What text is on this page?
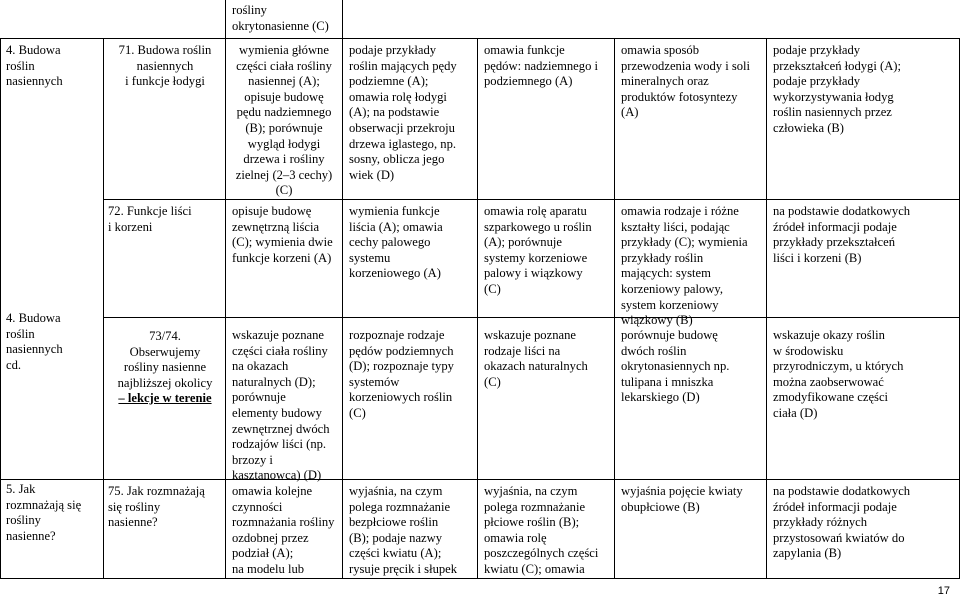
rośliny
okrytonasienne (C)
4. Budowa
roślin
nasiennych
4. Budowa
roślin
nasiennych
cd.
5. Jak
rozmnażają się
rośliny
nasienne?
71. Budowa roślin
nasiennych
i funkcje łodygi
72. Funkcje liści
i korzeni
73/74.
Obserwujemy
rośliny nasienne
najbliższej okolicy
– lekcje w terenie
75. Jak rozmnażają
się rośliny
nasienne?
wymienia główne
części ciała rośliny
nasiennej (A);
opisuje budowę
pędu nadziemnego
(B); porównuje
wygląd łodygi
drzewa i rośliny
zielnej (2–3 cechy)
(C)
podaje przykłady
roślin mających pędy
podziemne (A);
omawia rolę łodygi
(A); na podstawie
obserwacji przekroju
drzewa iglastego, np.
sosny, oblicza jego
wiek (D)
omawia funkcje
pędów: nadziemnego i
podziemnego (A)
omawia sposób
przewodzenia wody i soli
mineralnych oraz
produktów fotosyntezy
(A)
podaje przykłady
przekształceń łodygi (A);
podaje przykłady
wykorzystywania łodyg
roślin nasiennych przez
człowieka (B)
opisuje budowę
zewnętrzną liścia
(C); wymienia dwie
funkcje korzeni (A)
wymienia funkcje
liścia (A); omawia
cechy palowego
systemu
korzeniowego (A)
omawia rolę aparatu
szparkowego u roślin
(A); porównuje
systemy korzeniowe
palowy i wiązkowy
(C)
omawia rodzaje i różne
kształty liści, podając
przykłady (C); wymienia
przykłady roślin
mających: system
korzeniowy palowy,
system korzeniowy
wiązkowy (B)
na podstawie dodatkowych
źródeł informacji podaje
przykłady przekształceń
liści i korzeni (B)
wskazuje poznane
części ciała rośliny
na okazach
naturalnych (D);
porównuje
elementy budowy
zewnętrznej dwóch
rodzajów liści (np.
brzozy i
kasztanowca) (D)
rozpoznaje rodzaje
pędów podziemnych
(D); rozpoznaje typy
systemów
korzeniowych roślin
(C)
wskazuje poznane
rodzaje liści na
okazach naturalnych
(C)
porównuje budowę
dwóch roślin
okrytonasiennych np.
tulipana i mniszka
lekarskiego (D)
wskazuje okazy roślin
w środowisku
przyrodniczym, u których
można zaobserwować
zmodyfikowane części
ciała (D)
omawia kolejne
czynności
rozmnażania rośliny
ozdobnej przez
podział (A);
na modelu lub
wyjaśnia, na czym
polega rozmnażanie
bezpłciowe roślin
(B); podaje nazwy
części kwiatu (A);
rysuje pręcik i słupek
wyjaśnia, na czym
polega rozmnażanie
płciowe roślin (B);
omawia rolę
poszczególnych części
kwiatu (C); omawia
wyjaśnia pojęcie kwiaty
obupłciowe (B)
na podstawie dodatkowych
źródeł informacji podaje
przykłady różnych
przystosowań kwiatów do
zapylania (B)
17
